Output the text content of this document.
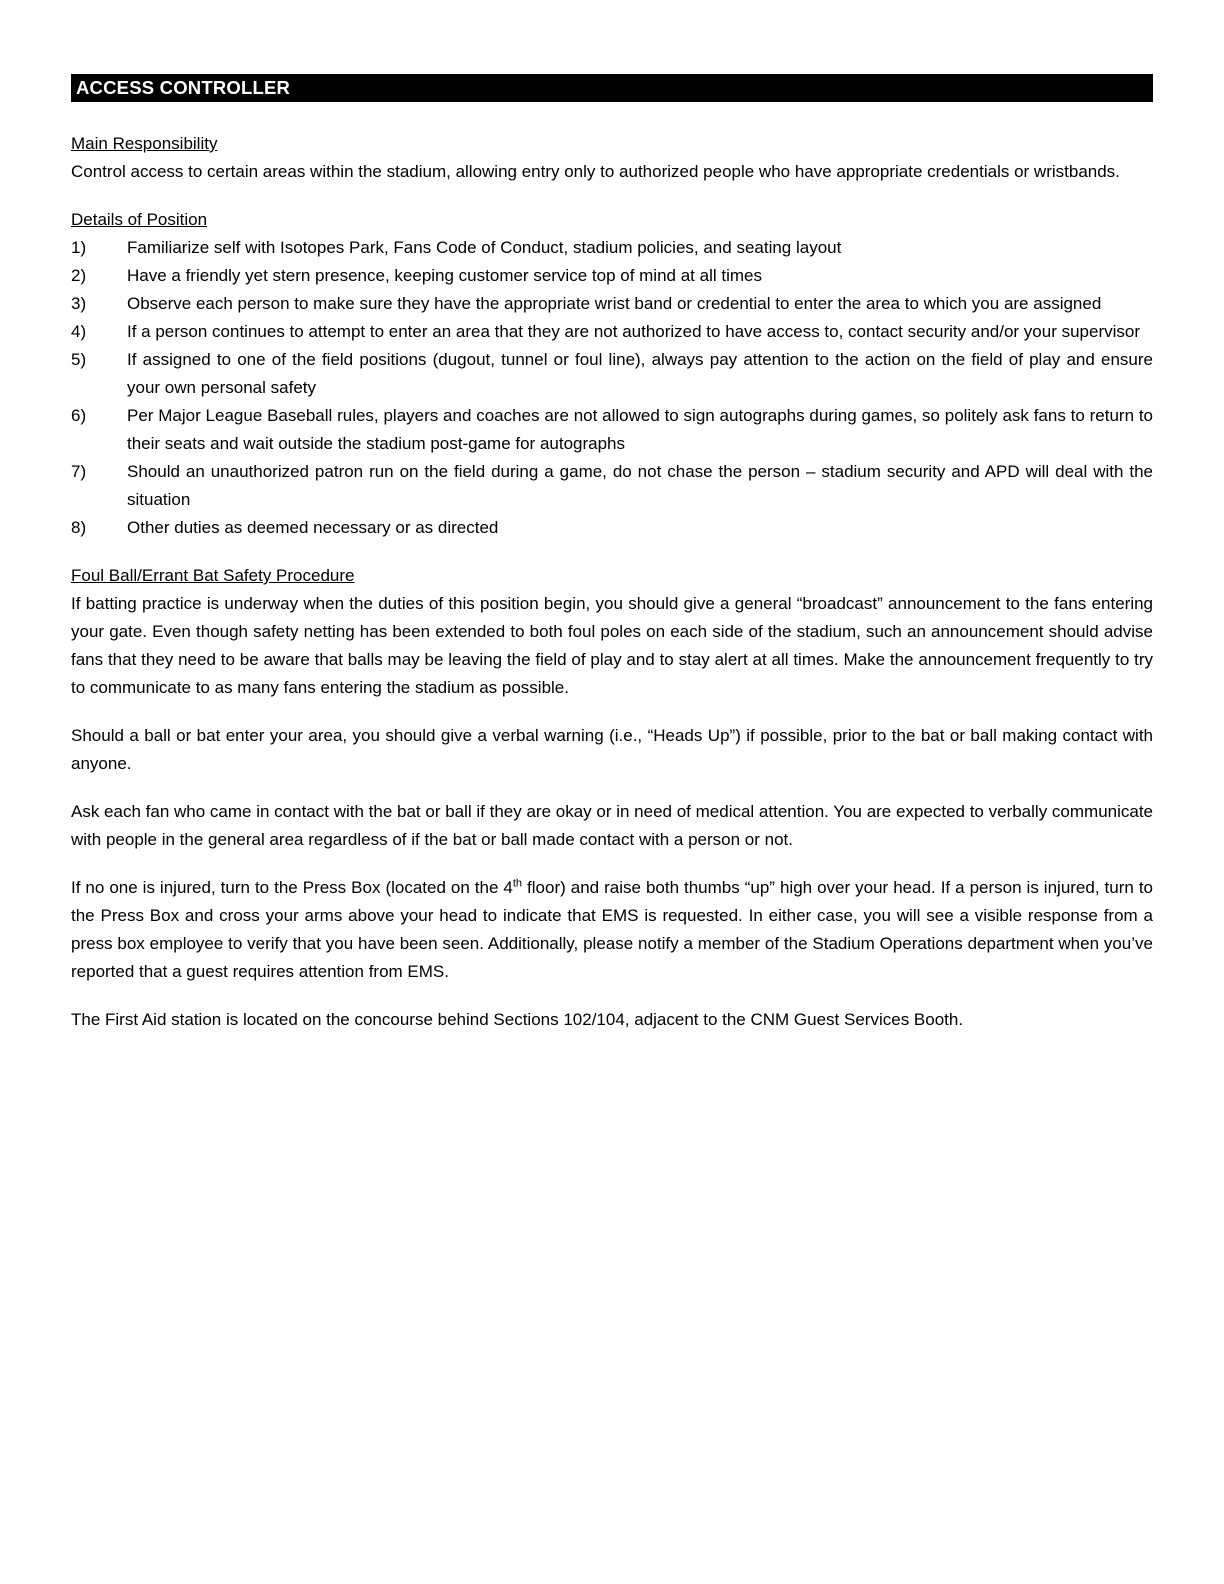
ACCESS CONTROLLER
Main Responsibility

Control access to certain areas within the stadium, allowing entry only to authorized people who have appropriate credentials or wristbands.

Details of Position
1)	Familiarize self with Isotopes Park, Fans Code of Conduct, stadium policies, and seating layout
2)	Have a friendly yet stern presence, keeping customer service top of mind at all times
3)	Observe each person to make sure they have the appropriate wrist band or credential to enter the area to which you are assigned
4)	If a person continues to attempt to enter an area that they are not authorized to have access to, contact security and/or your supervisor
5)	If assigned to one of the field positions (dugout, tunnel or foul line), always pay attention to the action on the field of play and ensure your own personal safety
6)	Per Major League Baseball rules, players and coaches are not allowed to sign autographs during games, so politely ask fans to return to their seats and wait outside the stadium post-game for autographs
7)	Should an unauthorized patron run on the field during a game, do not chase the person – stadium security and APD will deal with the situation
8)	Other duties as deemed necessary or as directed
Foul Ball/Errant Bat Safety Procedure

If batting practice is underway when the duties of this position begin, you should give a general “broadcast” announcement to the fans entering your gate. Even though safety netting has been extended to both foul poles on each side of the stadium, such an announcement should advise fans that they need to be aware that balls may be leaving the field of play and to stay alert at all times. Make the announcement frequently to try to communicate to as many fans entering the stadium as possible.

Should a ball or bat enter your area, you should give a verbal warning (i.e., “Heads Up”) if possible, prior to the bat or ball making contact with anyone.

Ask each fan who came in contact with the bat or ball if they are okay or in need of medical attention. You are expected to verbally communicate with people in the general area regardless of if the bat or ball made contact with a person or not.

If no one is injured, turn to the Press Box (located on the 4th floor) and raise both thumbs “up” high over your head. If a person is injured, turn to the Press Box and cross your arms above your head to indicate that EMS is requested. In either case, you will see a visible response from a press box employee to verify that you have been seen. Additionally, please notify a member of the Stadium Operations department when you’ve reported that a guest requires attention from EMS.

The First Aid station is located on the concourse behind Sections 102/104, adjacent to the CNM Guest Services Booth.
